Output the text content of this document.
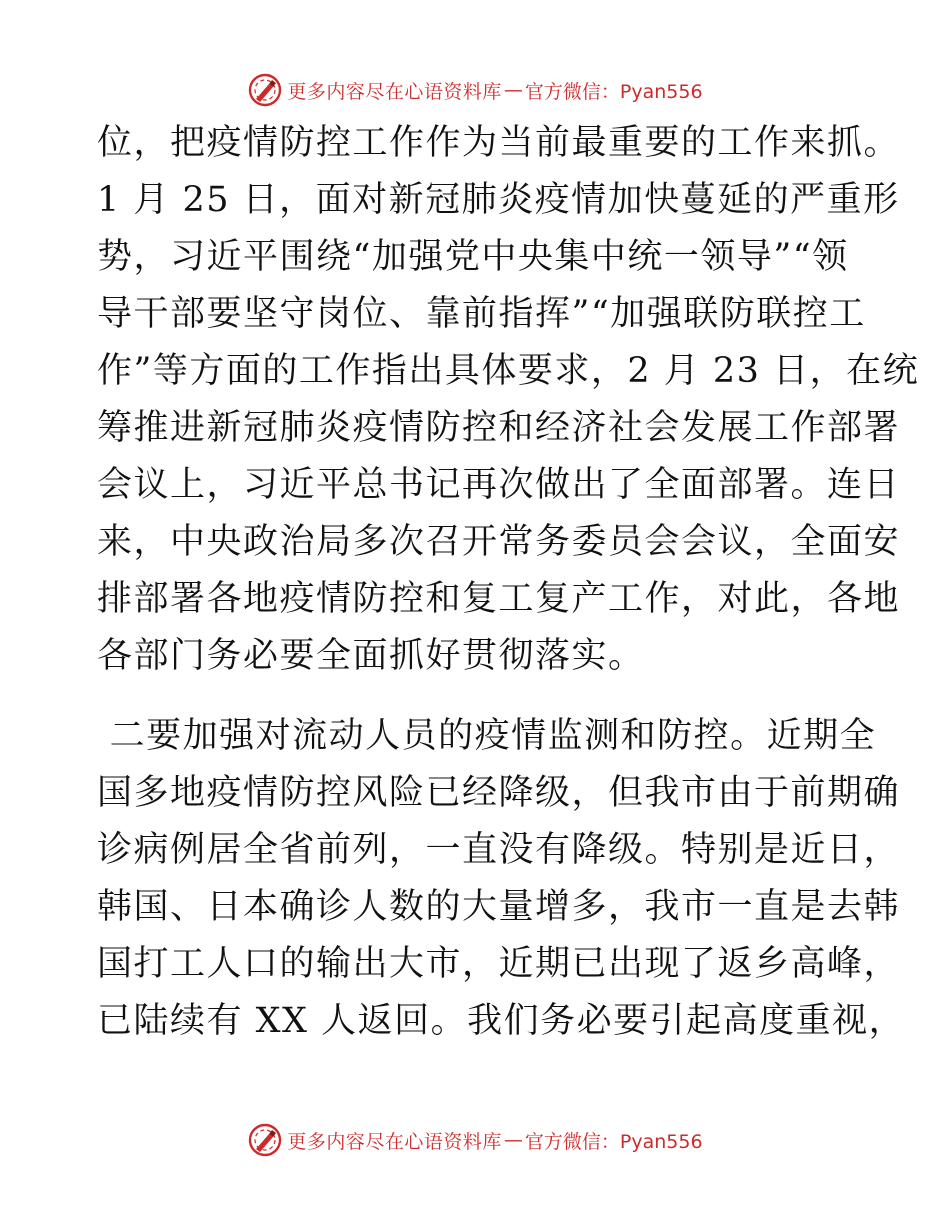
更多内容尽在心语资料库 — 官方微信：Pyan556
位，把疫情防控工作作为当前最重要的工作来抓。
1 月 25 日，面对新冠肺炎疫情加快蔓延的严重形
势，习近平围绕“加强党中央集中统一领导”“领
导干部要坚守岗位、靠前指挥”“加强联防联控工
作”等方面的工作指出具体要求，2 月 23 日，在统
筹推进新冠肺炎疫情防控和经济社会发展工作部署
会议上，习近平总书记再次做出了全面部署。连日
来，中央政治局多次召开常务委员会会议，全面安
排部署各地疫情防控和复工复产工作，对此，各地
各部门务必要全面抓好贯彻落实。
二要加强对流动人员的疫情监测和防控。近期全
国多地疫情防控风险已经降级，但我市由于前期确
诊病例居全省前列，一直没有降级。特别是近日，
韩国、日本确诊人数的大量增多，我市一直是去韩
国打工人口的输出大市，近期已出现了返乡高峰，
已陆续有 XX 人返回。我们务必要引起高度重视，
更多内容尽在心语资料库 — 官方微信：Pyan556
